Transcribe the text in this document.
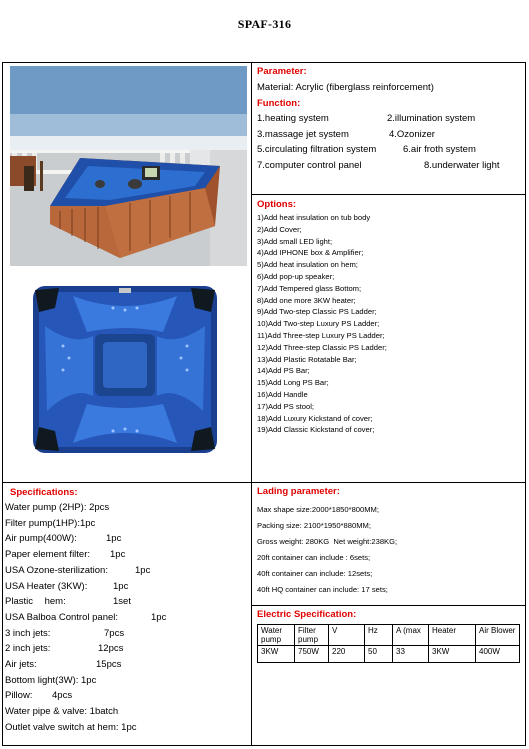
SPAF-316
Parameter:
Material: Acrylic (fiberglass reinforcement)
Function:
1.heating system	2.illumination system
3.massage jet system	4.Ozonizer
5.circulating filtration system	6.air froth system
7.computer control panel	8.underwater light
Options:
1)Add heat insulation on tub body
2)Add Cover;
3)Add small LED light;
4)Add IPHONE box & Amplifier;
5)Add heat insulation on hem;
6)Add pop-up speaker;
7)Add Tempered glass Bottom;
8)Add one more 3KW heater;
9)Add Two-step Classic PS Ladder;
10)Add Two-step Luxury PS Ladder;
11)Add Three-step Luxury PS Ladder;
12)Add Three-step Classic PS Ladder;
13)Add Plastic Rotatable Bar;
14)Add PS Bar;
15)Add Long PS Bar;
16)Add Handle
17)Add PS stool;
18)Add Luxury Kickstand of cover;
19)Add Classic Kickstand of cover;
Specifications:
Water pump (2HP): 2pcs
Filter pump(1HP):1pc
Air pump(400W):	1pc
Paper element filter: 1pc
USA Ozone-sterilization:	1pc
USA Heater (3KW):	1pc
Plastic hem:	1set
USA Balboa Control panel:	1pc
3 inch jets:	7pcs
2 inch jets:	12pcs
Air jets:	15pcs
Bottom light(3W): 1pc
Pillow: 4pcs
Water pipe & valve: 1batch
Outlet valve switch at hem: 1pc
Lading parameter:
Max shape size:2000*1850*800MM;
Packing size: 2100*1950*880MM;
Gross weight: 280KG  Net weight:238KG;
20ft container can include : 6sets;
40ft container can include: 12sets;
40ft HQ container can include: 17 sets;
Electric Specification:
Water pump	Filter pump	V	Hz	A (max	Heater	Air Blower
3KW	750W	220	50	33	3KW	400W
